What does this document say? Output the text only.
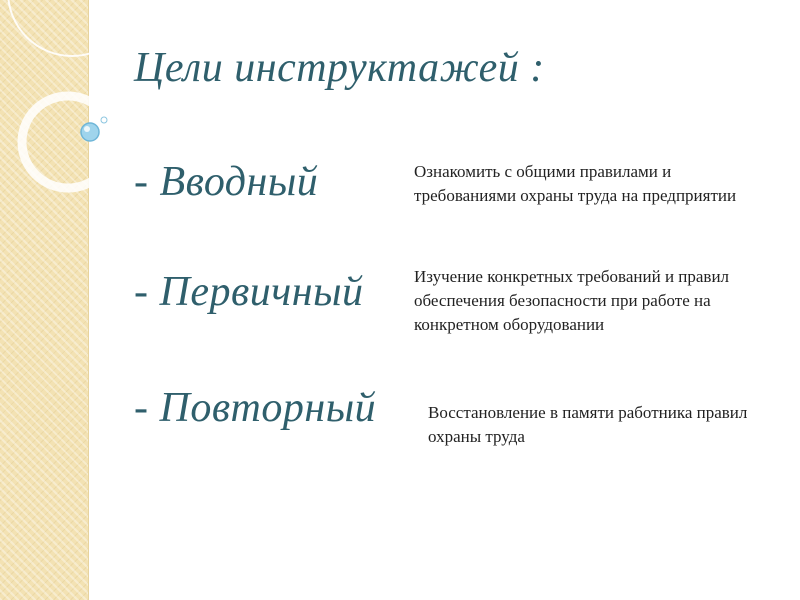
Цели инструктажей :
- Вводный	Ознакомить с общими правилами и требованиями охраны труда на предприятии
- Первичный	Изучение конкретных требований и правил обеспечения безопасности при работе на конкретном оборудовании
- Повторный	Восстановление в памяти работника правил охраны труда
